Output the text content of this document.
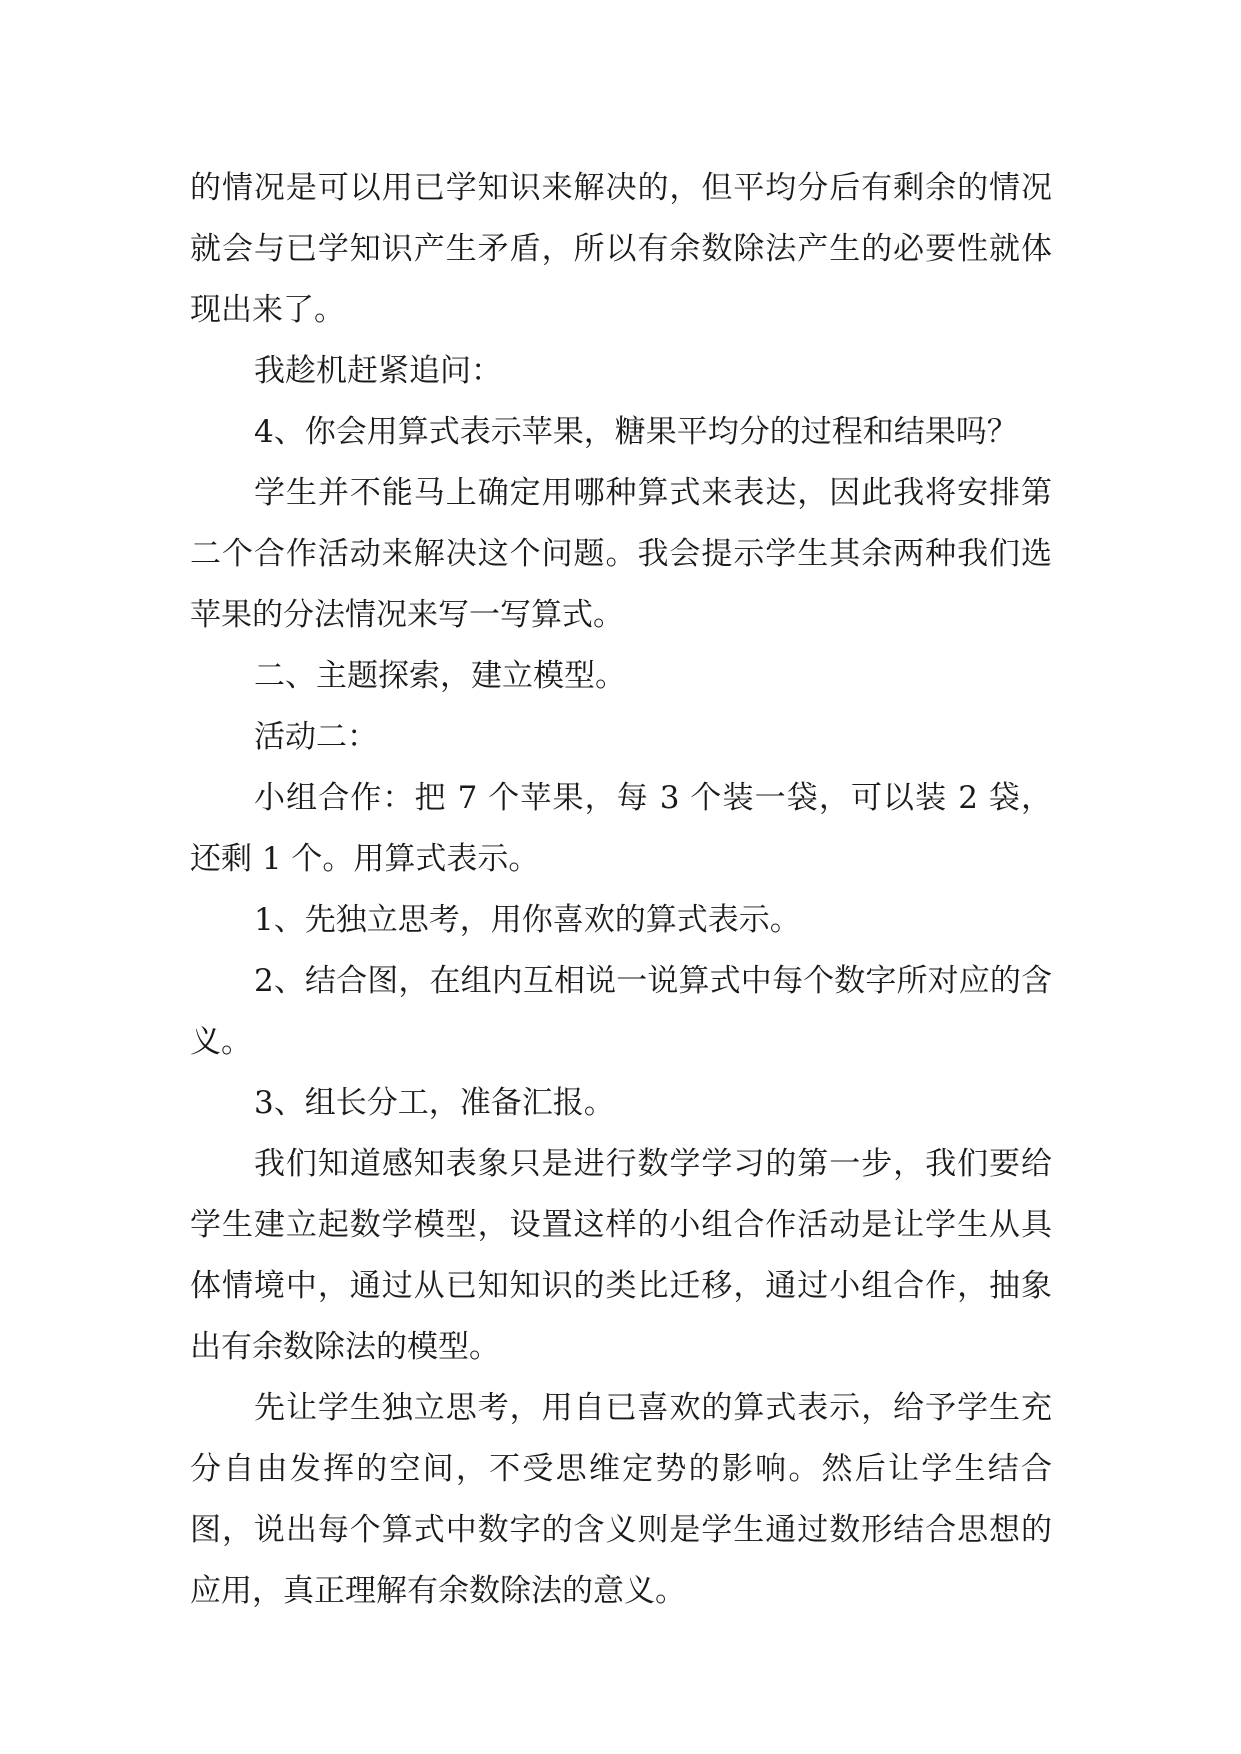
的情况是可以用已学知识来解决的，但平均分后有剩余的情况就会与已学知识产生矛盾，所以有余数除法产生的必要性就体现出来了。

我趁机赶紧追问：

4、你会用算式表示苹果，糖果平均分的过程和结果吗？

学生并不能马上确定用哪种算式来表达，因此我将安排第二个合作活动来解决这个问题。我会提示学生其余两种我们选苹果的分法情况来写一写算式。

二、主题探索，建立模型。

活动二：

小组合作：把 7 个苹果，每 3 个装一袋，可以装 2 袋，还剩 1 个。用算式表示。

1、先独立思考，用你喜欢的算式表示。

2、结合图，在组内互相说一说算式中每个数字所对应的含义。

3、组长分工，准备汇报。

我们知道感知表象只是进行数学学习的第一步，我们要给学生建立起数学模型，设置这样的小组合作活动是让学生从具体情境中，通过从已知知识的类比迁移，通过小组合作，抽象出有余数除法的模型。

先让学生独立思考，用自已喜欢的算式表示，给予学生充分自由发挥的空间，不受思维定势的影响。然后让学生结合图，说出每个算式中数字的含义则是学生通过数形结合思想的应用，真正理解有余数除法的意义。
